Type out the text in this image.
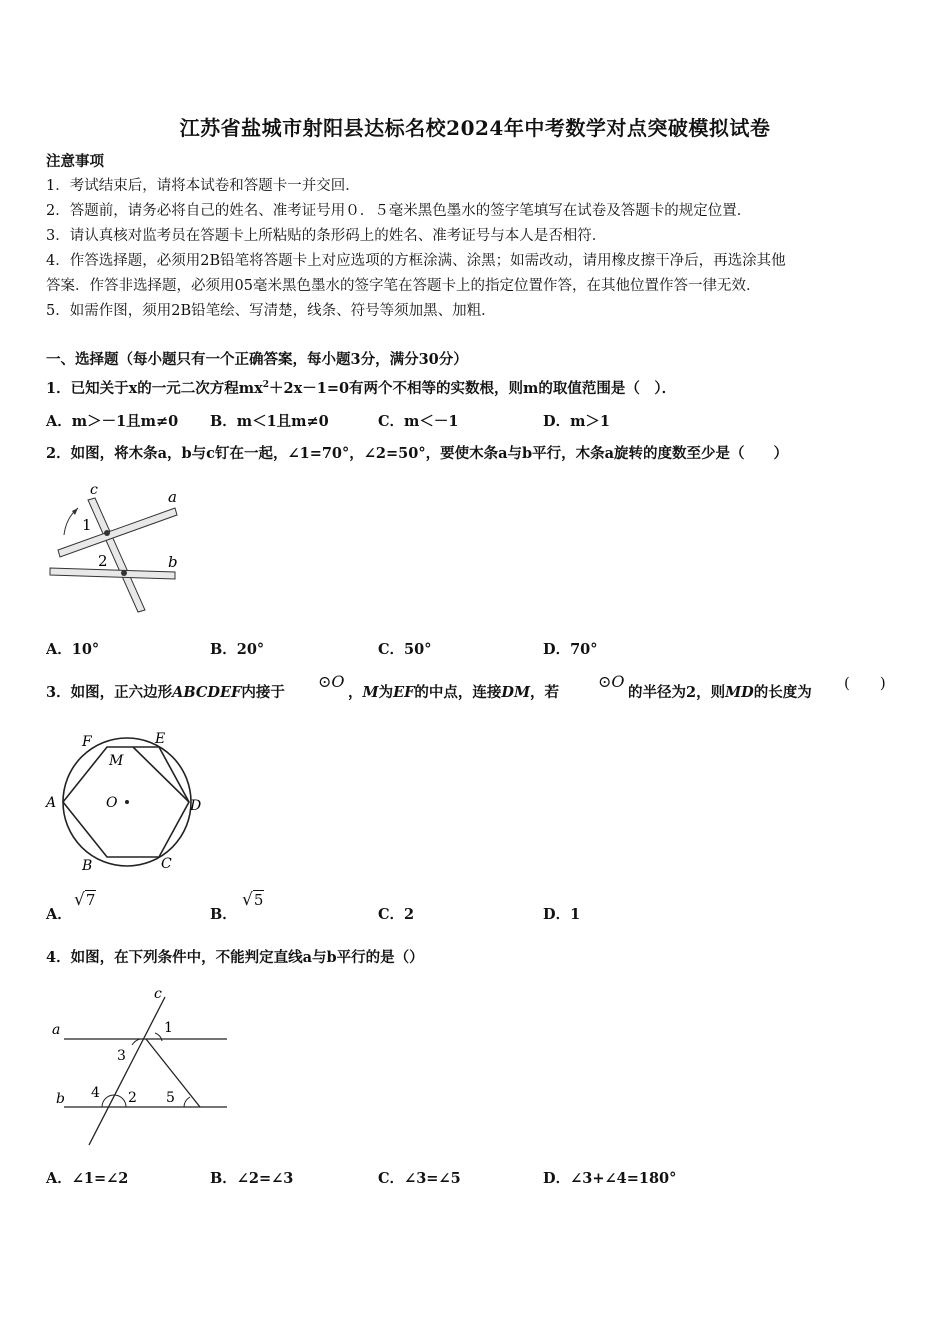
江苏省盐城市射阳县达标名校2024年中考数学对点突破模拟试卷
注意事项
1．考试结束后，请将本试卷和答题卡一并交回．
2．答题前，请务必将自己的姓名、准考证号用０．５毫米黑色墨水的签字笔填写在试卷及答题卡的规定位置．
3．请认真核对监考员在答题卡上所粘贴的条形码上的姓名、准考证号与本人是否相符．
4．作答选择题，必须用2B铅笔将答题卡上对应选项的方框涂满、涂黑；如需改动，请用橡皮擦干净后，再选涂其他
答案．作答非选择题，必须用05毫米黑色墨水的签字笔在答题卡上的指定位置作答，在其他位置作答一律无效．
5．如需作图，须用2B铅笔绘、写清楚，线条、符号等须加黑、加粗．
一、选择题（每小题只有一个正确答案，每小题3分，满分30分）
1．已知关于x的一元二次方程$mx^2+2x-1=0$有两个不相等的实数根，则m的取值范围是（　）．
A．m＞－1且m≠0 B．m＜1且m≠0	C．m＜－1	D．m＞1
2．如图，将木条a，b与c钉在一起，∠1=70°，∠2=50°，要使木条a与b平行，木条a旋转的度数至少是（　　）
c	a
b
1
2
A．10°	B．20°	C．50°	D．70°
3．如图，正六边形ABCDEF内接于
⊙O
，M为EF的中点，连接DM，若
⊙O
的半径为2，则MD的长度为
(　　)
F	E
M
A	O	D
B	C
A．
√7
B．
√5
C．2	D．1
4．如图，在下列条件中，不能判定直线a与b平行的是（）
c
a
b
1
3
4 2 5
A．∠1=∠2	B．∠2=∠3	C．∠3=∠5	D．∠3+∠4=180°
